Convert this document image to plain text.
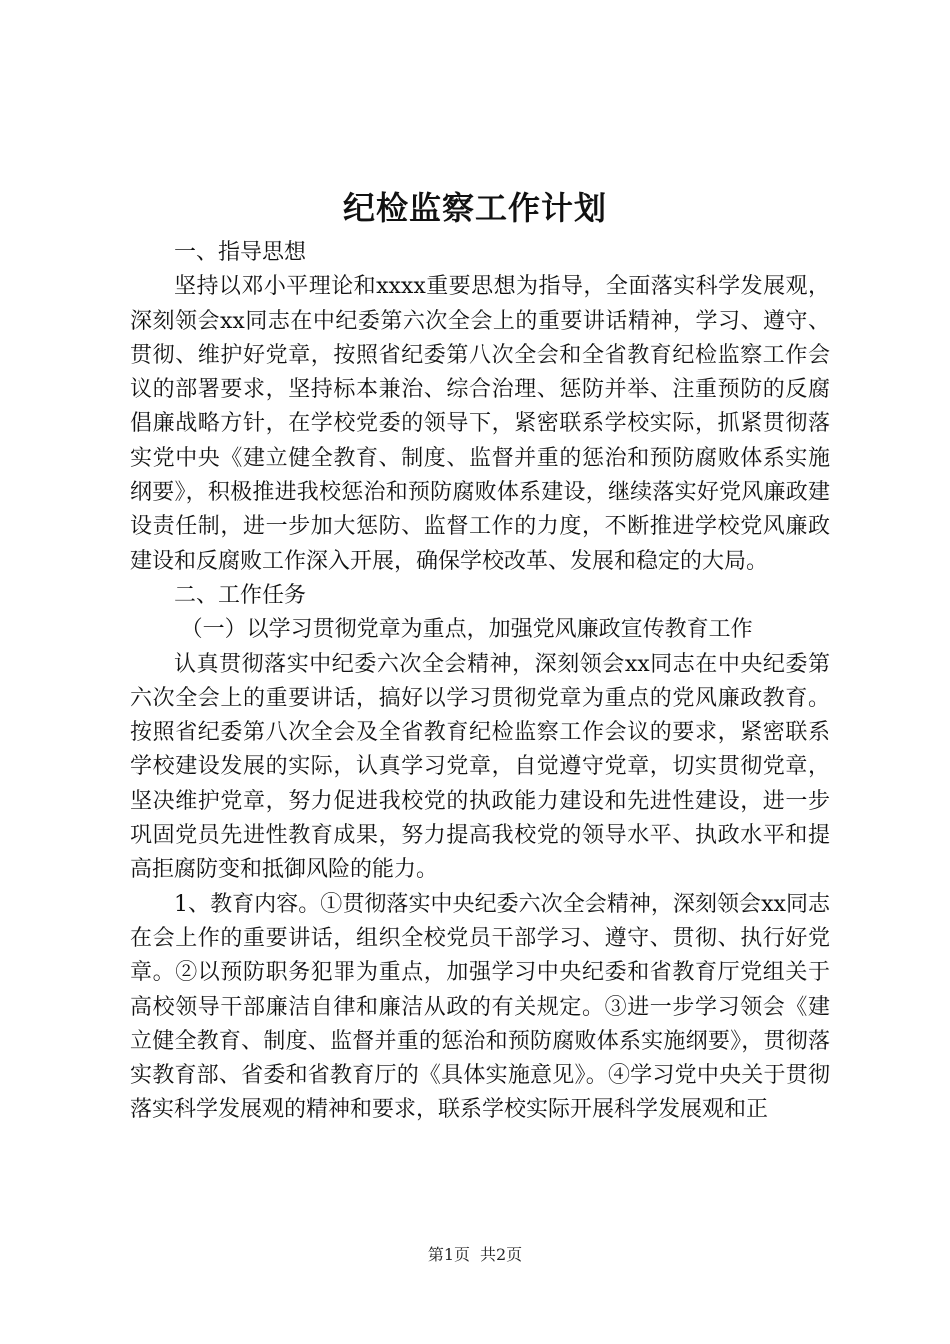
纪检监察工作计划

一、指导思想

坚持以邓小平理论和xxxx重要思想为指导，全面落实科学发展观，深刻领会xx同志在中纪委第六次全会上的重要讲话精神，学习、遵守、贯彻、维护好党章，按照省纪委第八次全会和全省教育纪检监察工作会议的部署要求，坚持标本兼治、综合治理、惩防并举、注重预防的反腐倡廉战略方针，在学校党委的领导下，紧密联系学校实际，抓紧贯彻落实党中央《建立健全教育、制度、监督并重的惩治和预防腐败体系实施纲要》，积极推进我校惩治和预防腐败体系建设，继续落实好党风廉政建设责任制，进一步加大惩防、监督工作的力度，不断推进学校党风廉政建设和反腐败工作深入开展，确保学校改革、发展和稳定的大局。

二、工作任务

（一）以学习贯彻党章为重点，加强党风廉政宣传教育工作

认真贯彻落实中纪委六次全会精神，深刻领会xx同志在中央纪委第六次全会上的重要讲话，搞好以学习贯彻党章为重点的党风廉政教育。按照省纪委第八次全会及全省教育纪检监察工作会议的要求，紧密联系学校建设发展的实际，认真学习党章，自觉遵守党章，切实贯彻党章，坚决维护党章，努力促进我校党的执政能力建设和先进性建设，进一步巩固党员先进性教育成果，努力提高我校党的领导水平、执政水平和提高拒腐防变和抵御风险的能力。

1、教育内容。①贯彻落实中央纪委六次全会精神，深刻领会xx同志在会上作的重要讲话，组织全校党员干部学习、遵守、贯彻、执行好党章。②以预防职务犯罪为重点，加强学习中央纪委和省教育厅党组关于高校领导干部廉洁自律和廉洁从政的有关规定。③进一步学习领会《建立健全教育、制度、监督并重的惩治和预防腐败体系实施纲要》，贯彻落实教育部、省委和省教育厅的《具体实施意见》。④学习党中央关于贯彻落实科学发展观的精神和要求，联系学校实际开展科学发展观和正

第1页 共2页
